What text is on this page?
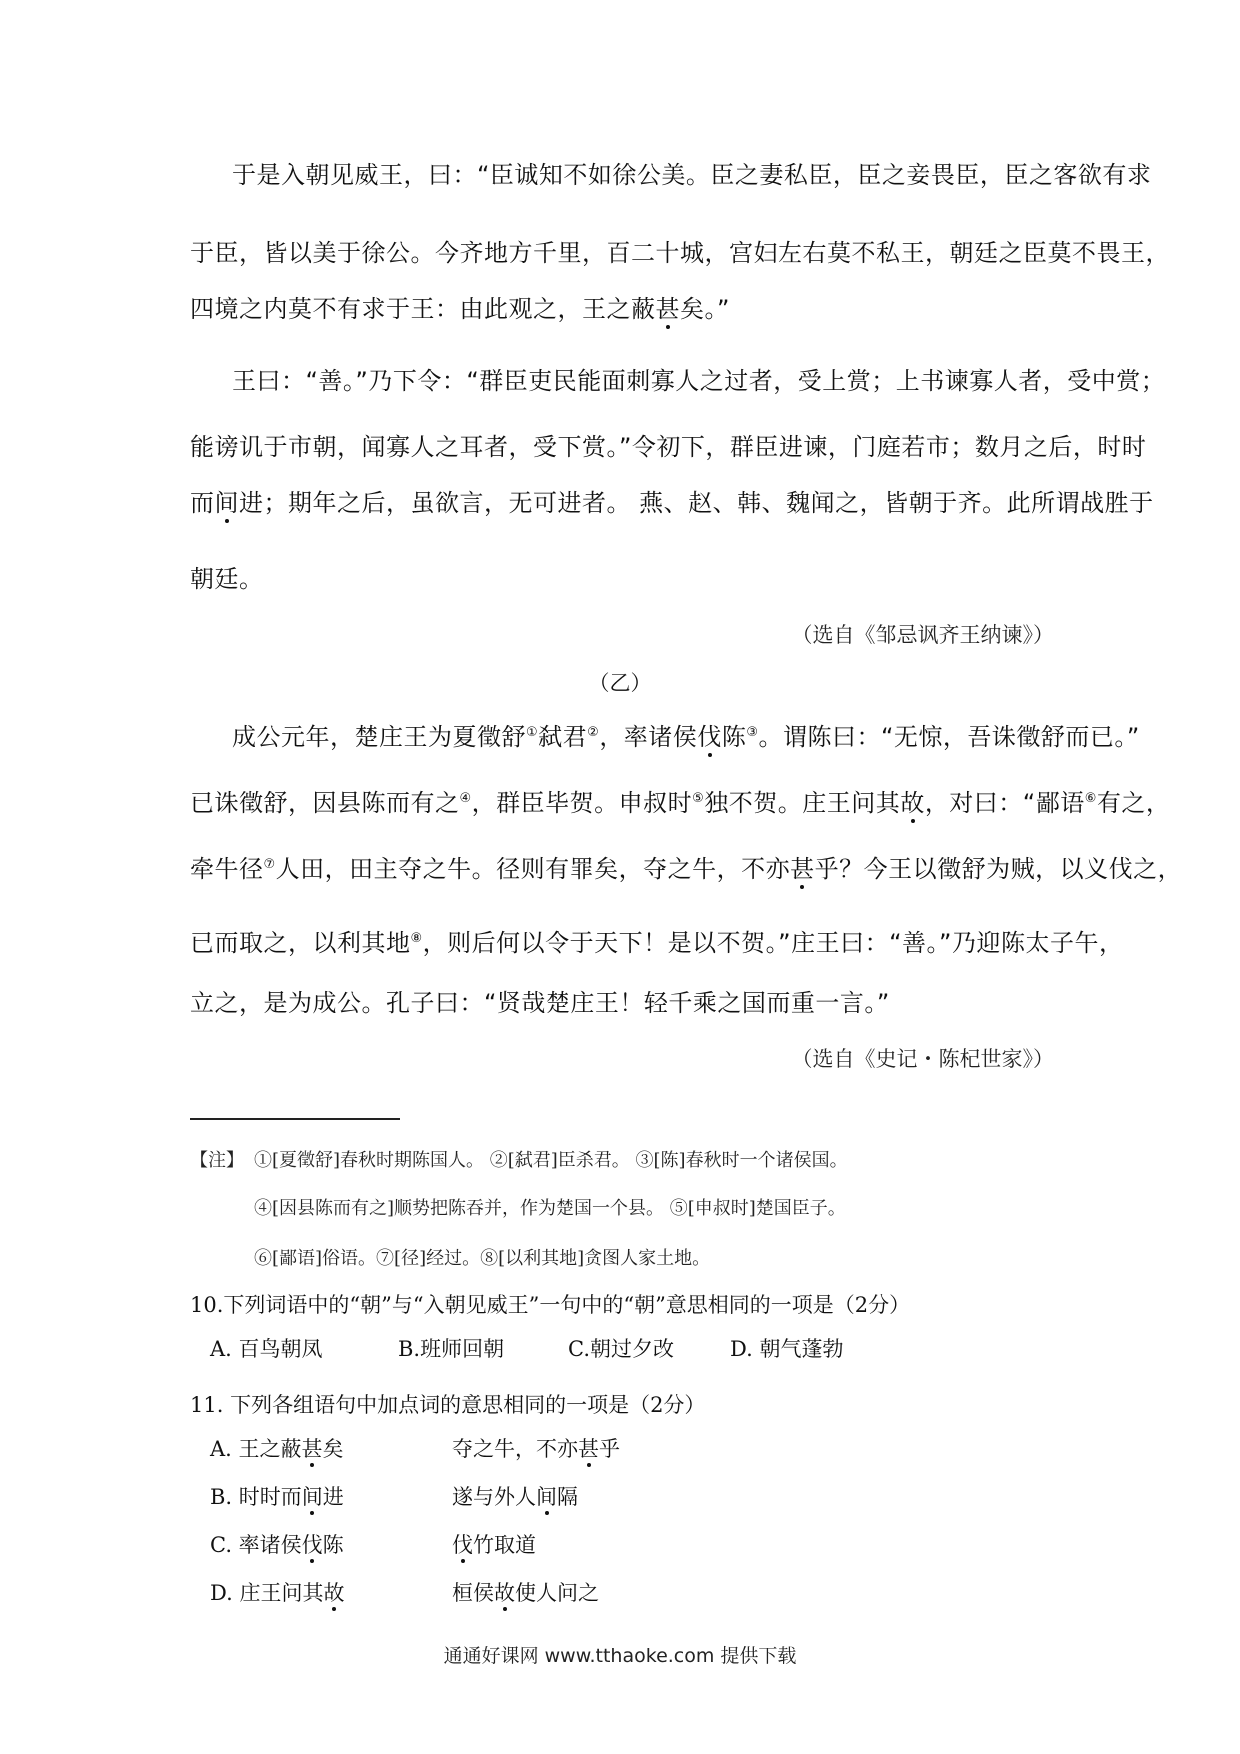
于是入朝见威王，曰：“臣诚知不如徐公美。臣之妻私臣，臣之妾畏臣，臣之客欲有求
于臣，皆以美于徐公。今齐地方千里，百二十城，宫妇左右莫不私王，朝廷之臣莫不畏王，
四境之内莫不有求于王：由此观之，王之蔽甚矣。”
王曰：“善。”乃下令：“群臣吏民能面刺寡人之过者，受上赏；上书谏寡人者，受中赏；
能谤讥于市朝，闻寡人之耳者，受下赏。”令初下，群臣进谏，门庭若市；数月之后，时时
而间进；期年之后，虽欲言，无可进者。 燕、赵、韩、魏闻之，皆朝于齐。此所谓战胜于
朝廷。
（选自《邹忌讽齐王纳谏》）
（乙）
成公元年，楚庄王为夏徵舒①弑君②，率诸侯伐陈③。谓陈曰：“无惊，吾诛徵舒而已。”
已诛徵舒，因县陈而有之④，群臣毕贺。申叔时⑤独不贺。庄王问其故，对曰：“鄙语⑥有之，
牵牛径⑦人田，田主夺之牛。径则有罪矣，夺之牛，不亦甚乎？今王以徵舒为贼，以义伐之，
已而取之，以利其地⑧，则后何以令于天下！是以不贺。”庄王曰：“善。”乃迎陈太子午，
立之，是为成公。孔子曰：“贤哉楚庄王！轻千乘之国而重一言。”
（选自《史记・陈杞世家》）
【注】 ①[夏徵舒]春秋时期陈国人。 ②[弑君]臣杀君。 ③[陈]春秋时一个诸侯国。
④[因县陈而有之]顺势把陈吞并，作为楚国一个县。 ⑤[申叔时]楚国臣子。
⑥[鄙语]俗语。⑦[径]经过。⑧[以利其地]贪图人家土地。
10.下列词语中的“朝”与“入朝见威王”一句中的“朝”意思相同的一项是（2分）
A. 百鸟朝凤	B.班师回朝	C.朝过夕改	D. 朝气蓬勃
11. 下列各组语句中加点词的意思相同的一项是（2分）
A. 王之蔽甚矣	夺之牛，不亦甚乎
B. 时时而间进	遂与外人间隔
C. 率诸侯伐陈	伐竹取道
D. 庄王问其故	桓侯故使人问之
通通好课网 www.tthaoke.com 提供下载
